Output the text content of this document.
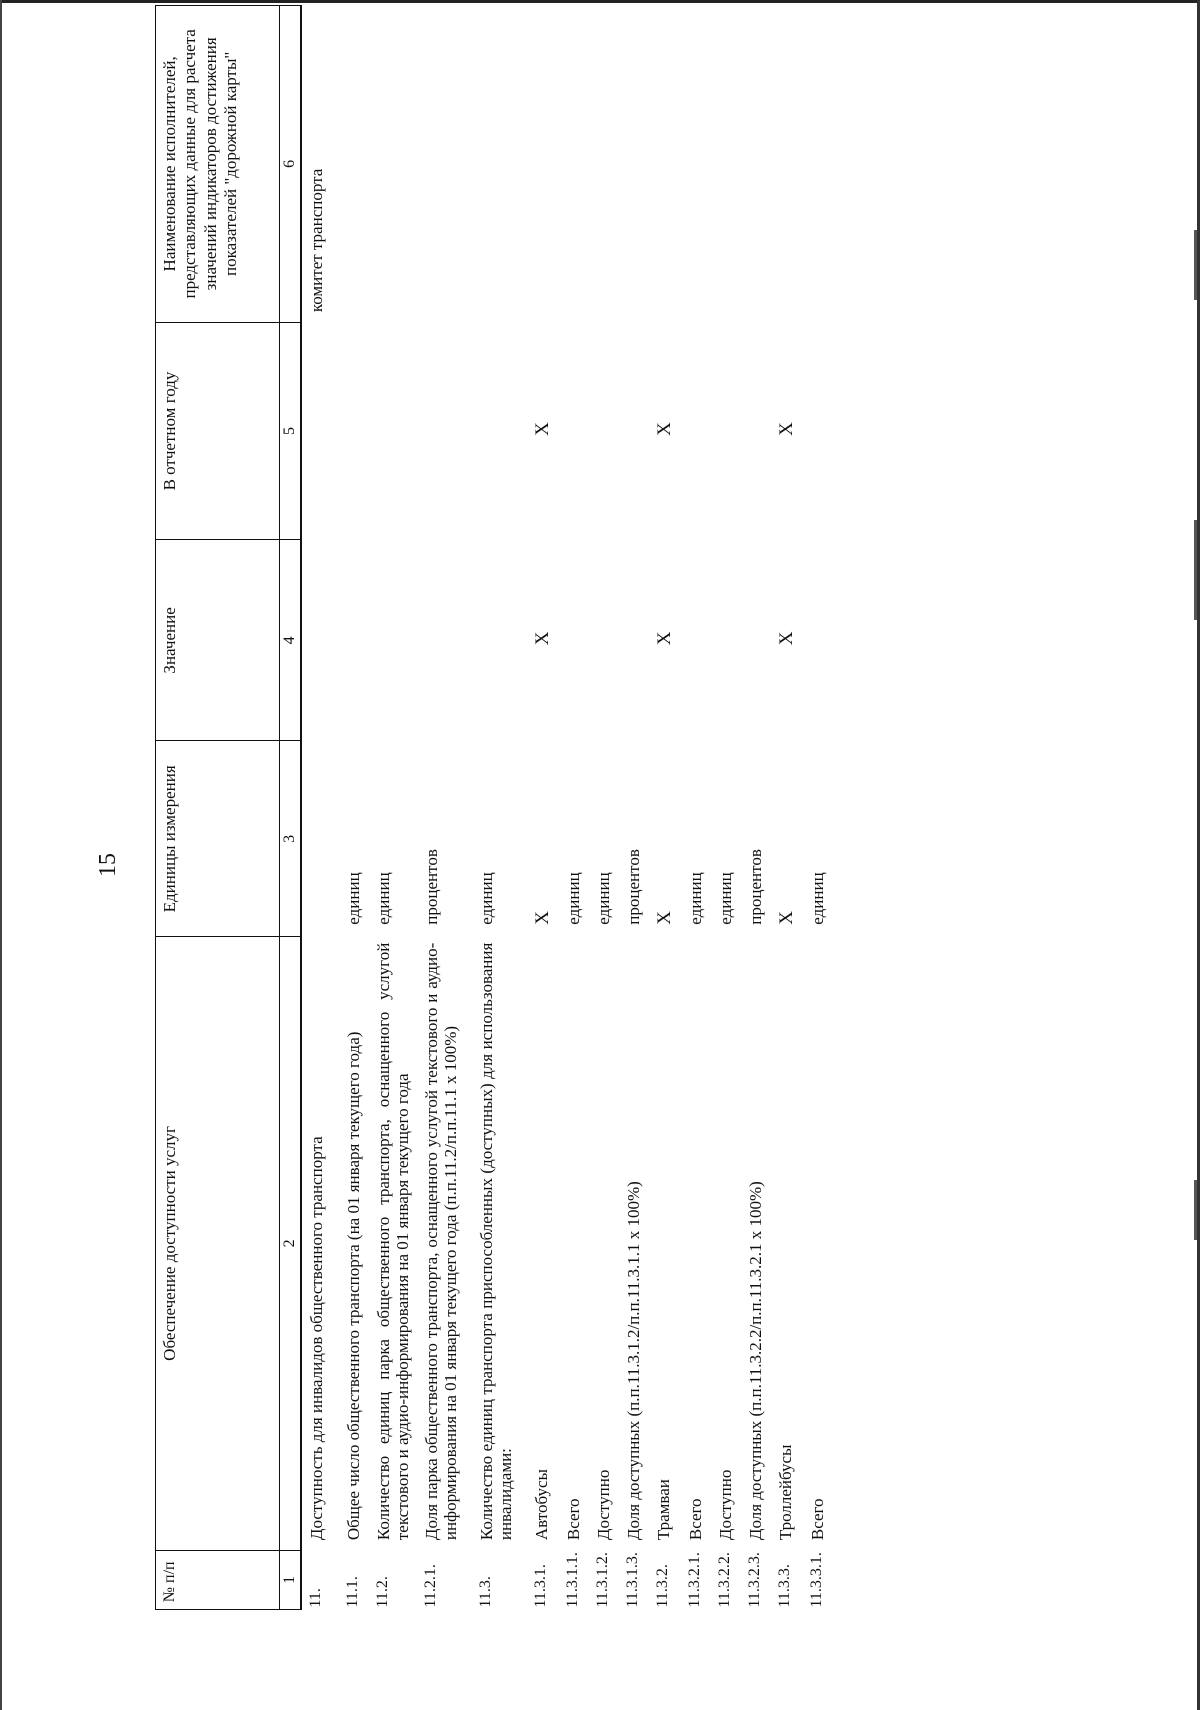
15
№ п/п	Обеспечение доступности услуг	Единицы измерения	Значение	В отчетном году	Наименование исполнителей, представляющих данные для расчета значений индикаторов достижения показателей "дорожной карты"
1	2	3	4	5	6
11.	Доступность для инвалидов общественного транспорта				комитет транспорта
11.1.	Общее число общественного транспорта (на 01 января текущего года)	единиц			
11.2.	Количество единиц парка общественного транспорта, оснащенного услугой текстового и аудио-информирования на 01 января текущего года	единиц			
11.2.1.	Доля парка общественного транспорта, оснащенного услугой текстового и аудио-информирования на 01 января текущего года (п.п.11.2/п.п.11.1 х 100%)	процентов			
11.3.	Количество единиц транспорта приспособленных (доступных) для использования инвалидами:	единиц			
11.3.1.	Автобусы	Х	Х	Х	
11.3.1.1.	Всего	единиц			
11.3.1.2.	Доступно	единиц			
11.3.1.3.	Доля доступных (п.п.11.3.1.2/п.п.11.3.1.1 х 100%)	процентов			
11.3.2.	Трамваи	Х	Х	Х	
11.3.2.1.	Всего	единиц			
11.3.2.2.	Доступно	единиц			
11.3.2.3.	Доля доступных (п.п.11.3.2.2/п.п.11.3.2.1 х 100%)	процентов			
11.3.3.	Троллейбусы	Х	Х	Х	
11.3.3.1.	Всего	единиц			
